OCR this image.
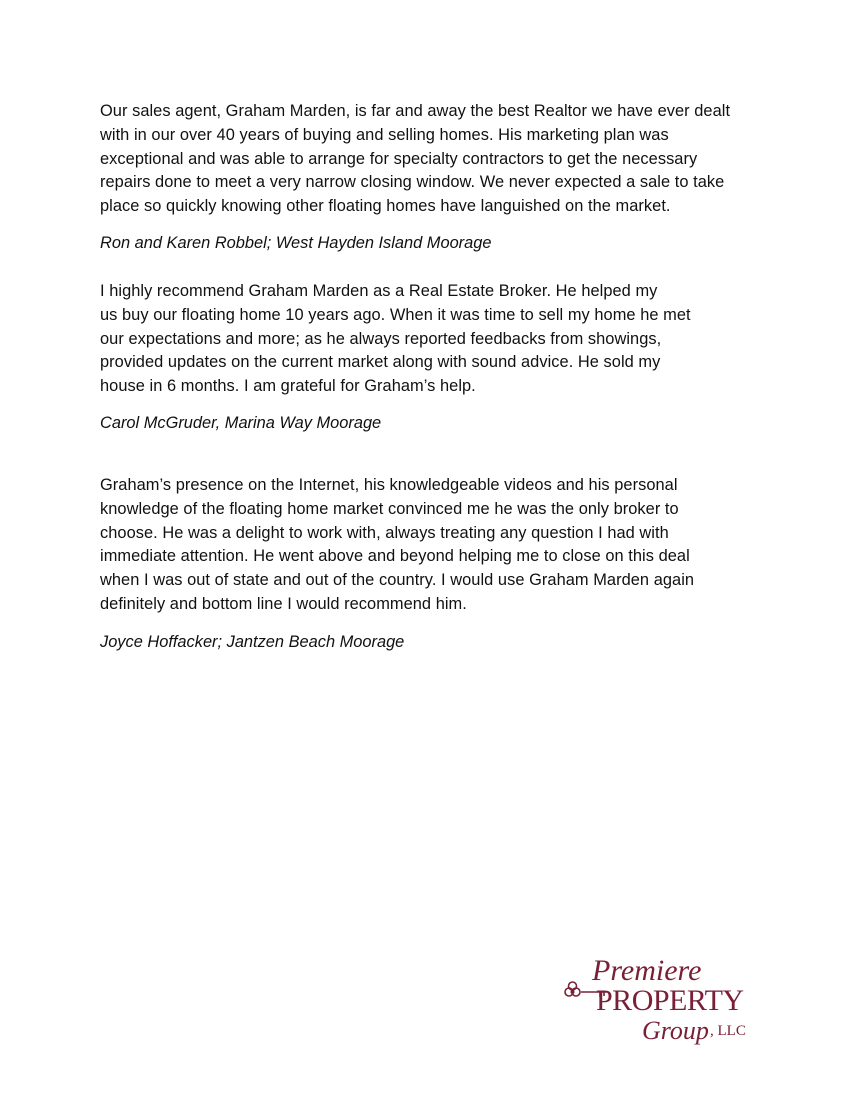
Our sales agent, Graham Marden, is far and away the best Realtor we have ever dealt
with in our over 40 years of buying and selling homes. His marketing plan was
exceptional and was able to arrange for specialty contractors to get the necessary
repairs done to meet a very narrow closing window. We never expected a sale to take
place so quickly knowing other floating homes have languished on the market.
Ron and Karen Robbel; West Hayden Island Moorage
I highly recommend Graham Marden as a Real Estate Broker. He helped my
us buy our floating home 10 years ago. When it was time to sell my home he met
our expectations and more; as he always reported feedbacks from showings,
provided updates on the current market along with sound advice. He sold my
house in 6 months. I am grateful for Graham’s help.
Carol McGruder, Marina Way Moorage
Graham’s presence on the Internet, his knowledgeable videos and his personal
knowledge of the floating home market convinced me he was the only broker to
choose. He was a delight to work with, always treating any question I had with
immediate attention. He went above and beyond helping me to close on this deal
when I was out of state and out of the country. I would use Graham Marden again
definitely and bottom line I would recommend him.
Joyce Hoffacker; Jantzen Beach Moorage
Premiere
PROPERTY
Group , LLC
